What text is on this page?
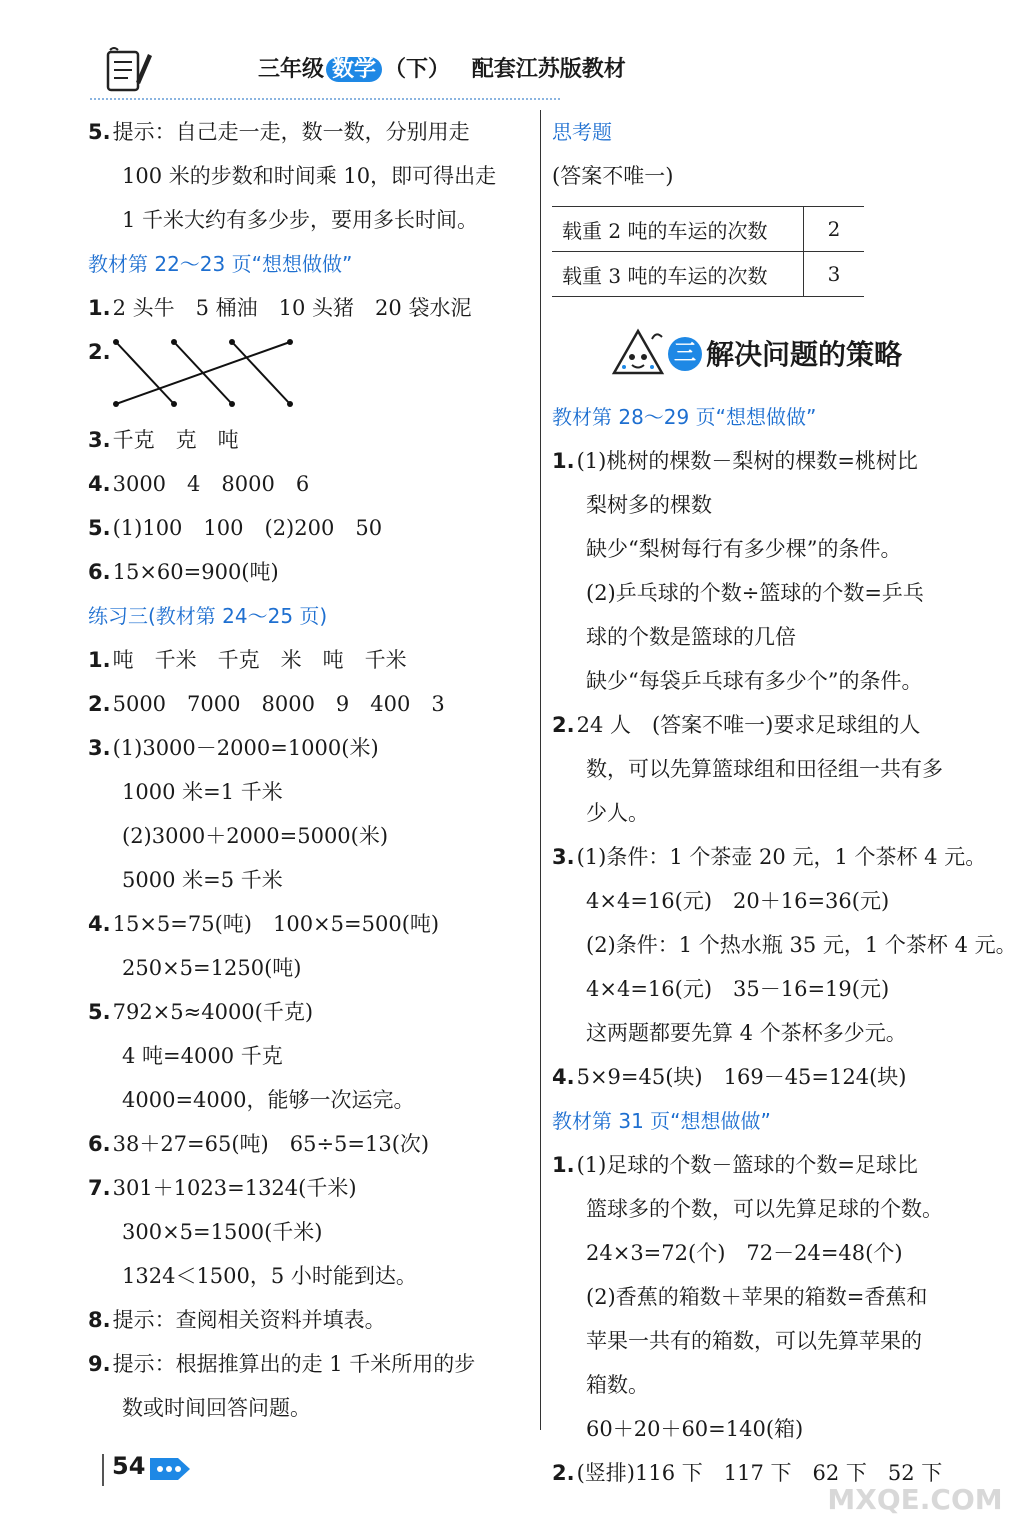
三年级 数学 （下） 配套江苏版教材
5.提示：自己走一走，数一数，分别用走
100 米的步数和时间乘 10，即可得出走
1 千米大约有多少步，要用多长时间。
教材第 22～23 页“想想做做”
1.2 头牛　5 桶油　10 头猪　20 袋水泥
2.
3.千克　克　吨
4.3000　4　8000　6
5.(1)100　100　(2)200　50
6.15×60=900(吨)
练习三(教材第 24～25 页)
1.吨　千米　千克　米　吨　千米
2.5000　7000　8000　9　400　3
3.(1)3000－2000=1000(米)
1000 米=1 千米
(2)3000＋2000=5000(米)
5000 米=5 千米
4.15×5=75(吨)　100×5=500(吨)
250×5=1250(吨)
5.792×5≈4000(千克)
4 吨=4000 千克
4000=4000，能够一次运完。
6.38＋27=65(吨)　65÷5=13(次)
7.301＋1023=1324(千米)
300×5=1500(千米)
1324＜1500，5 小时能到达。
8.提示：查阅相关资料并填表。
9.提示：根据推算出的走 1 千米所用的步
数或时间回答问题。
思考题
(答案不唯一)
载重 2 吨的车运的次数	2
载重 3 吨的车运的次数	3
三 解决问题的策略
教材第 28～29 页“想想做做”
1.(1)桃树的棵数－梨树的棵数=桃树比
梨树多的棵数
缺少“梨树每行有多少棵”的条件。
(2)乒乓球的个数÷篮球的个数=乒乓
球的个数是篮球的几倍
缺少“每袋乒乓球有多少个”的条件。
2.24 人　(答案不唯一)要求足球组的人
数，可以先算篮球组和田径组一共有多
少人。
3.(1)条件：1 个茶壶 20 元，1 个茶杯 4 元。
4×4=16(元)　20＋16=36(元)
(2)条件：1 个热水瓶 35 元，1 个茶杯 4 元。
4×4=16(元)　35－16=19(元)
这两题都要先算 4 个茶杯多少元。
4.5×9=45(块)　169－45=124(块)
教材第 31 页“想想做做”
1.(1)足球的个数－篮球的个数=足球比
篮球多的个数，可以先算足球的个数。
24×3=72(个)　72－24=48(个)
(2)香蕉的箱数＋苹果的箱数=香蕉和
苹果一共有的箱数，可以先算苹果的
箱数。
60＋20＋60=140(箱)
2.(竖排)116 下　117 下　62 下　52 下
54
MXQE.COM
